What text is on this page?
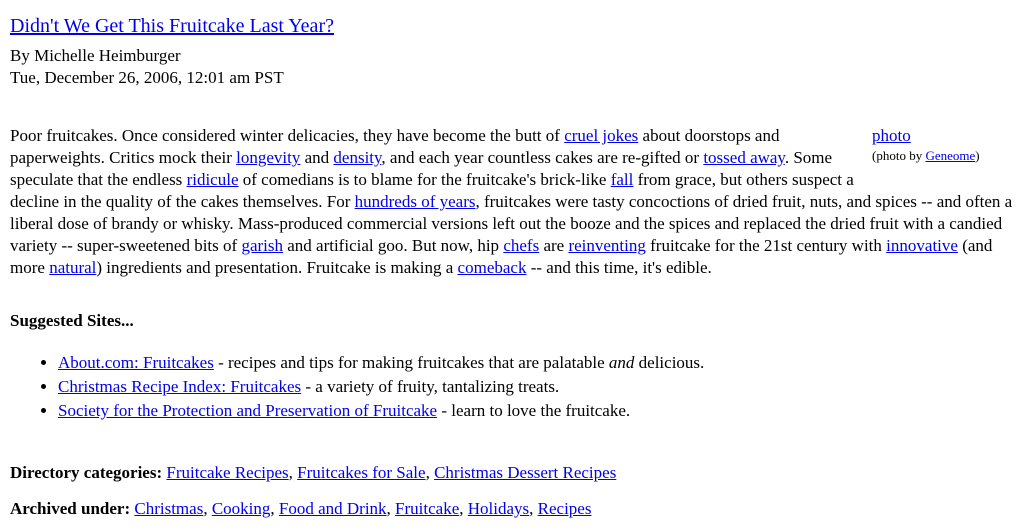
Didn't We Get This Fruitcake Last Year?
By Michelle Heimburger
Tue, December 26, 2006, 12:01 am PST
photo
(photo by Geneome)
Poor fruitcakes. Once considered winter delicacies, they have become the butt of cruel jokes about doorstops and paperweights. Critics mock their longevity and density, and each year countless cakes are re-gifted or tossed away. Some speculate that the endless ridicule of comedians is to blame for the fruitcake's brick-like fall from grace, but others suspect a decline in the quality of the cakes themselves. For hundreds of years, fruitcakes were tasty concoctions of dried fruit, nuts, and spices -- and often a liberal dose of brandy or whisky. Mass-produced commercial versions left out the booze and the spices and replaced the dried fruit with a candied variety -- super-sweetened bits of garish and artificial goo. But now, hip chefs are reinventing fruitcake for the 21st century with innovative (and more natural) ingredients and presentation. Fruitcake is making a comeback -- and this time, it's edible.
Suggested Sites...
• About.com: Fruitcakes - recipes and tips for making fruitcakes that are palatable and delicious.
• Christmas Recipe Index: Fruitcakes - a variety of fruity, tantalizing treats.
• Society for the Protection and Preservation of Fruitcake - learn to love the fruitcake.
Directory categories: Fruitcake Recipes, Fruitcakes for Sale, Christmas Dessert Recipes
Archived under: Christmas, Cooking, Food and Drink, Fruitcake, Holidays, Recipes
